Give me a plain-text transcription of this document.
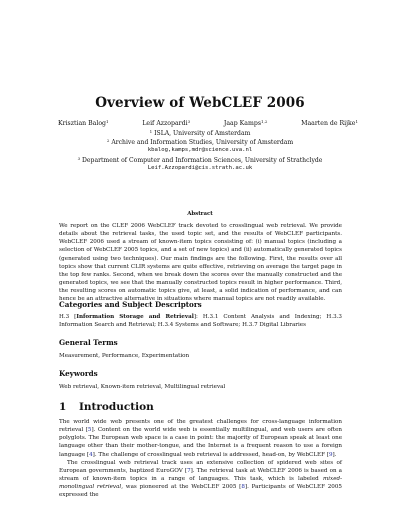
Overview of WebCLEF 2006
Krisztian Balog$^1$	Leif Azzopardi$^3$	Jaap Kamps$^{1,2}$	Maarten de Rijke$^1$
$^1$ ISLA, University of Amsterdam
$^2$ Archive and Information Studies, University of Amsterdam
kbalog,kamps,mdr@science.uva.nl
$^3$ Department of Computer and Information Sciences, University of Strathclyde
Leif.Azzopardi@cis.strath.ac.uk
Abstract
We report on the CLEF 2006 WebCLEF track devoted to crosslingual web retrieval. We provide details about the retrieval tasks, the used topic set, and the results of WebCLEF participants. WebCLEF 2006 used a stream of known-item topics consisting of: (i) manual topics (including a selection of WebCLEF 2005 topics, and a set of new topics) and (ii) automatically generated topics (generated using two techniques). Our main findings are the following. First, the results over all topics show that current CLIR systems are quite effective, retrieving on average the target page in the top few ranks. Second, when we break down the scores over the manually constructed and the generated topics, we see that the manually constructed topics result in higher performance. Third, the resulting scores on automatic topics give, at least, a solid indication of performance, and can hence be an attractive alternative in situations where manual topics are not readily available.
Categories and Subject Descriptors
H.3 [Information Storage and Retrieval]: H.3.1 Content Analysis and Indexing; H.3.3 Information Search and Retrieval; H.3.4 Systems and Software; H.3.7 Digital Libraries
General Terms
Measurement, Performance, Experimentation
Keywords
Web retrieval, Known-item retrieval, Multilingual retrieval
1 Introduction

The world wide web presents one of the greatest challenges for cross-language information retrieval [5]. Content on the world wide web is essentially multilingual, and web users are often polyglots. The European web space is a case in point: the majority of European speak at least one language other than their mother-tongue, and the Internet is a frequent reason to use a foreign language [4]. The challenge of crosslingual web retrieval is addressed, head-on, by WebCLEF [9].

The crosslingual web retrieval track uses an extensive collection of spidered web sites of European governments, baptized EuroGOV [7]. The retrieval task at WebCLEF 2006 is based on a stream of known-item topics in a range of languages. This task, which is labeled mixed-monolingual retrieval, was pioneered at the WebCLEF 2005 [8]. Participants of WebCLEF 2005 expressed the
